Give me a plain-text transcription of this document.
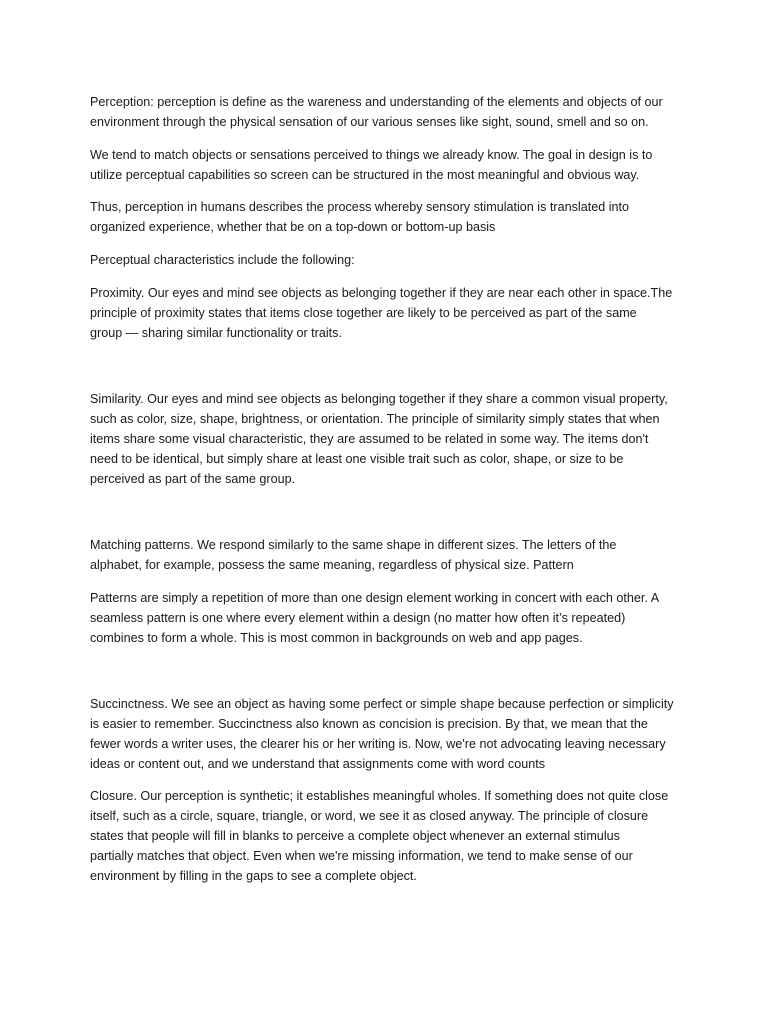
Perception: perception is define as the wareness and understanding of the elements and objects of our
environment through the physical sensation of our various senses like sight, sound, smell and so on.

We tend to match objects or sensations perceived to things we already know. The goal in design is to
utilize perceptual capabilities so screen can be structured in the most meaningful and obvious way.

Thus, perception in humans describes the process whereby sensory stimulation is translated into
organized experience, whether that be on a top-down or bottom-up basis

Perceptual characteristics include the following:

Proximity. Our eyes and mind see objects as belonging together if they are near each other in space.The
principle of proximity states that items close together are likely to be perceived as part of the same
group — sharing similar functionality or traits.

Similarity. Our eyes and mind see objects as belonging together if they share a common visual property,
such as color, size, shape, brightness, or orientation. The principle of similarity simply states that when
items share some visual characteristic, they are assumed to be related in some way. The items don't
need to be identical, but simply share at least one visible trait such as color, shape, or size to be
perceived as part of the same group.

Matching patterns. We respond similarly to the same shape in different sizes. The letters of the
alphabet, for example, possess the same meaning, regardless of physical size. Pattern

Patterns are simply a repetition of more than one design element working in concert with each other. A
seamless pattern is one where every element within a design (no matter how often it’s repeated)
combines to form a whole. This is most common in backgrounds on web and app pages.

Succinctness. We see an object as having some perfect or simple shape because perfection or simplicity
is easier to remember. Succinctness also known as concision is precision. By that, we mean that the
fewer words a writer uses, the clearer his or her writing is. Now, we're not advocating leaving necessary
ideas or content out, and we understand that assignments come with word counts

Closure. Our perception is synthetic; it establishes meaningful wholes. If something does not quite close
itself, such as a circle, square, triangle, or word, we see it as closed anyway. The principle of closure
states that people will fill in blanks to perceive a complete object whenever an external stimulus
partially matches that object. Even when we're missing information, we tend to make sense of our
environment by filling in the gaps to see a complete object.
